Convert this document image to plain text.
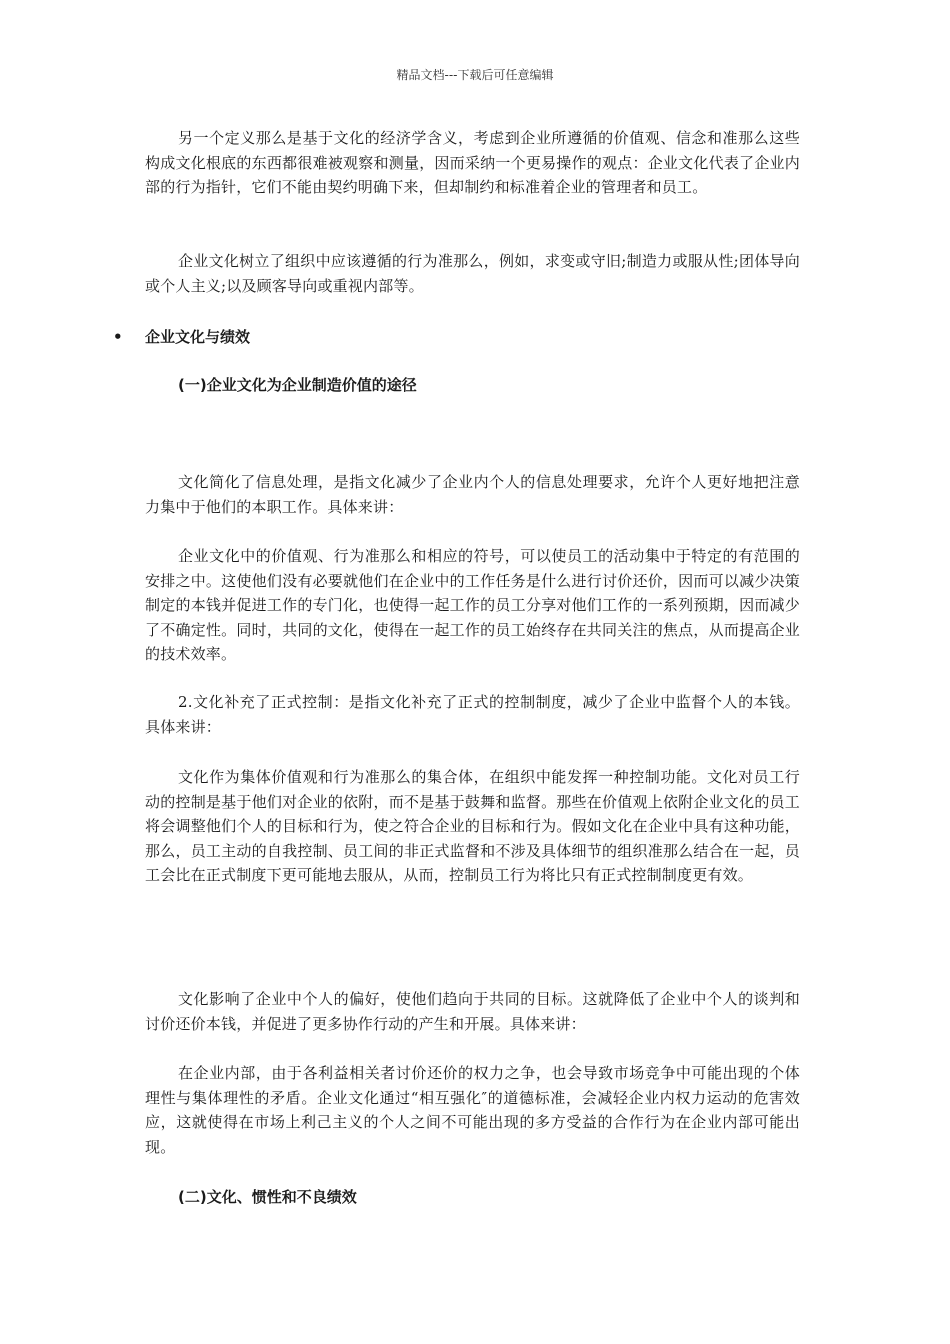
精品文档---下载后可任意编辑
另一个定义那么是基于文化的经济学含义，考虑到企业所遵循的价值观、信念和准那么这些构成文化根底的东西都很难被观察和测量，因而采纳一个更易操作的观点：企业文化代表了企业内部的行为指针，它们不能由契约明确下来，但却制约和标准着企业的管理者和员工。
企业文化树立了组织中应该遵循的行为准那么，例如，求变或守旧;制造力或服从性;团体导向或个人主义;以及顾客导向或重视内部等。
• 企业文化与绩效
(一)企业文化为企业制造价值的途径
文化简化了信息处理，是指文化减少了企业内个人的信息处理要求，允许个人更好地把注意力集中于他们的本职工作。具体来讲：
企业文化中的价值观、行为准那么和相应的符号，可以使员工的活动集中于特定的有范围的安排之中。这使他们没有必要就他们在企业中的工作任务是什么进行讨价还价，因而可以减少决策制定的本钱并促进工作的专门化，也使得一起工作的员工分享对他们工作的一系列预期，因而减少了不确定性。同时，共同的文化，使得在一起工作的员工始终存在共同关注的焦点，从而提高企业的技术效率。
2.文化补充了正式控制：是指文化补充了正式的控制制度，减少了企业中监督个人的本钱。具体来讲：
文化作为集体价值观和行为准那么的集合体，在组织中能发挥一种控制功能。文化对员工行动的控制是基于他们对企业的依附，而不是基于鼓舞和监督。那些在价值观上依附企业文化的员工将会调整他们个人的目标和行为，使之符合企业的目标和行为。假如文化在企业中具有这种功能，那么，员工主动的自我控制、员工间的非正式监督和不涉及具体细节的组织准那么结合在一起，员工会比在正式制度下更可能地去服从，从而，控制员工行为将比只有正式控制制度更有效。
文化影响了企业中个人的偏好，使他们趋向于共同的目标。这就降低了企业中个人的谈判和讨价还价本钱，并促进了更多协作行动的产生和开展。具体来讲：
在企业内部，由于各利益相关者讨价还价的权力之争，也会导致市场竞争中可能出现的个体理性与集体理性的矛盾。企业文化通过“相互强化″的道德标准，会减轻企业内权力运动的危害效应，这就使得在市场上利己主义的个人之间不可能出现的多方受益的合作行为在企业内部可能出现。
(二)文化、惯性和不良绩效
